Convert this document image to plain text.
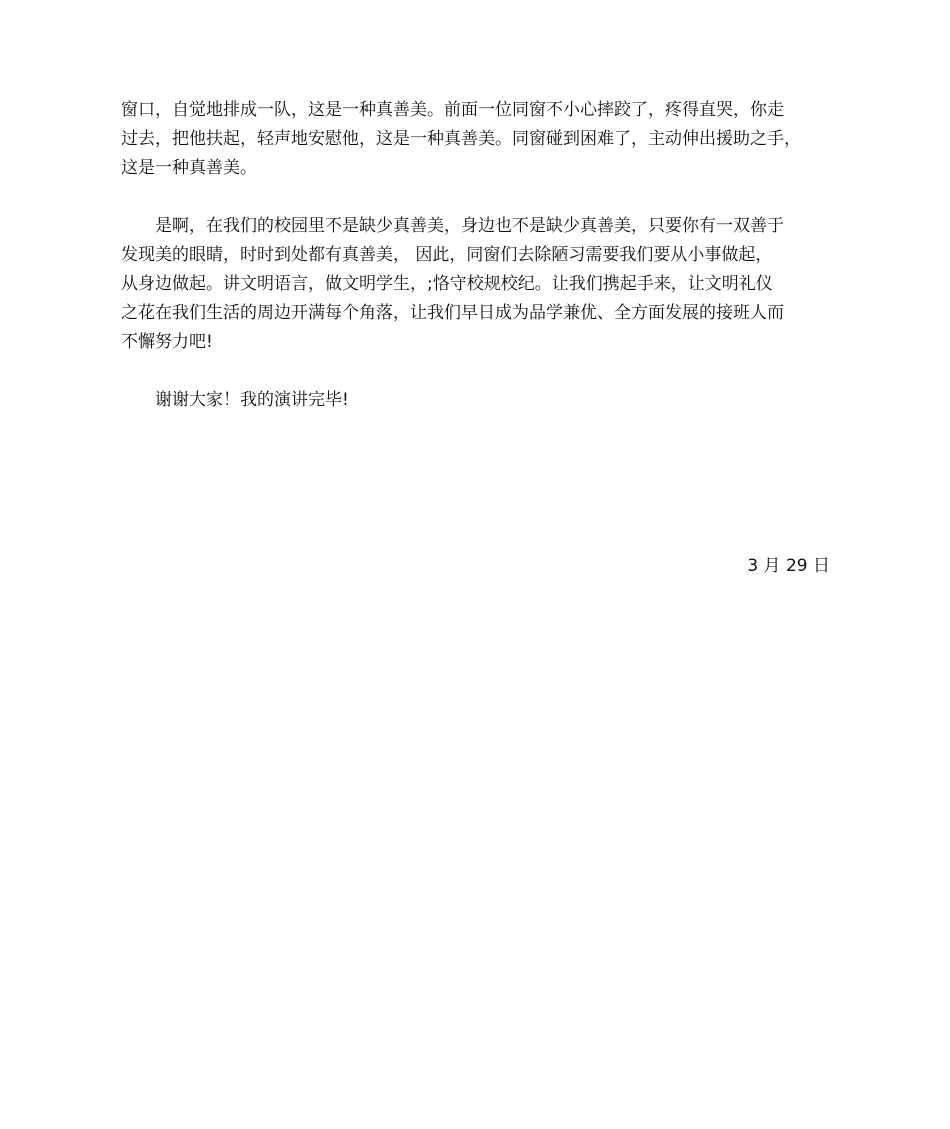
窗口，自觉地排成一队，这是一种真善美。前面一位同窗不小心摔跤了，疼得直哭，你走
过去，把他扶起，轻声地安慰他，这是一种真善美。同窗碰到困难了，主动伸出援助之手，
这是一种真善美。

　　是啊，在我们的校园里不是缺少真善美，身边也不是缺少真善美，只要你有一双善于
发现美的眼睛，时时到处都有真善美， 因此，同窗们去除陋习需要我们要从小事做起，
从身边做起。讲文明语言，做文明学生，;恪守校规校纪。让我们携起手来，让文明礼仪
之花在我们生活的周边开满每个角落，让我们早日成为品学兼优、全方面发展的接班人而
不懈努力吧!

　　谢谢大家！我的演讲完毕!

3 月 29 日
